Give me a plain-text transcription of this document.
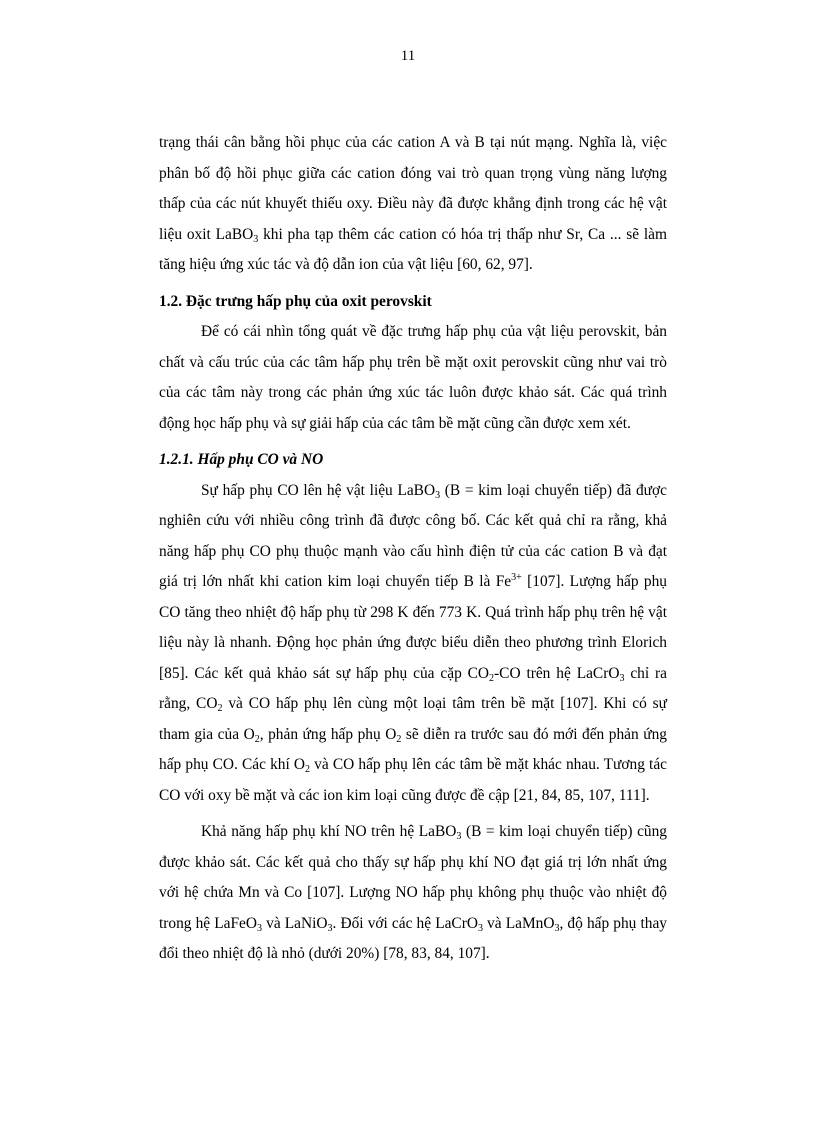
11

trạng thái cân bằng hồi phục của các cation A và B tại nút mạng. Nghĩa là, việc phân bố độ hồi phục giữa các cation đóng vai trò quan trọng vùng năng lượng thấp của các nút khuyết thiếu oxy. Điều này đã được khẳng định trong các hệ vật liệu oxit LaBO$_3$ khi pha tạp thêm các cation có hóa trị thấp như Sr, Ca ... sẽ làm tăng hiệu ứng xúc tác và độ dẫn ion của vật liệu [60, 62, 97].

1.2. Đặc trưng hấp phụ của oxit perovskit

Để có cái nhìn tổng quát về đặc trưng hấp phụ của vật liệu perovskit, bản chất và cấu trúc của các tâm hấp phụ trên bề mặt oxit perovskit cũng như vai trò của các tâm này trong các phản ứng xúc tác luôn được khảo sát. Các quá trình động học hấp phụ và sự giải hấp của các tâm bề mặt cũng cần được xem xét.

1.2.1. Hấp phụ CO và NO

Sự hấp phụ CO lên hệ vật liệu LaBO$_3$ (B = kim loại chuyển tiếp) đã được nghiên cứu với nhiều công trình đã được công bố. Các kết quả chỉ ra rằng, khả năng hấp phụ CO phụ thuộc mạnh vào cấu hình điện tử của các cation B và đạt giá trị lớn nhất khi cation kim loại chuyển tiếp B là $Fe^{3+}$ [107]. Lượng hấp phụ CO tăng theo nhiệt độ hấp phụ từ 298 K đến 773 K. Quá trình hấp phụ trên hệ vật liệu này là nhanh. Động học phản ứng được biểu diễn theo phương trình Elorich [85]. Các kết quả khảo sát sự hấp phụ của cặp $CO_2-CO$ trên hệ LaCrO$_3$ chỉ ra rằng, $CO_2$ và CO hấp phụ lên cùng một loại tâm trên bề mặt [107]. Khi có sự tham gia của $O_2$, phản ứng hấp phụ $O_2$ sẽ diễn ra trước sau đó mới đến phản ứng hấp phụ CO. Các khí $O_2$ và CO hấp phụ lên các tâm bề mặt khác nhau. Tương tác CO với oxy bề mặt và các ion kim loại cũng được đề cập [21, 84, 85, 107, 111].

Khả năng hấp phụ khí NO trên hệ LaBO$_3$ (B = kim loại chuyển tiếp) cũng được khảo sát. Các kết quả cho thấy sự hấp phụ khí NO đạt giá trị lớn nhất ứng với hệ chứa Mn và Co [107]. Lượng NO hấp phụ không phụ thuộc vào nhiệt độ trong hệ LaFeO$_3$ và LaNiO$_3$. Đối với các hệ LaCrO$_3$ và LaMnO$_3$, độ hấp phụ thay đổi theo nhiệt độ là nhỏ (dưới 20%) [78, 83, 84, 107].
